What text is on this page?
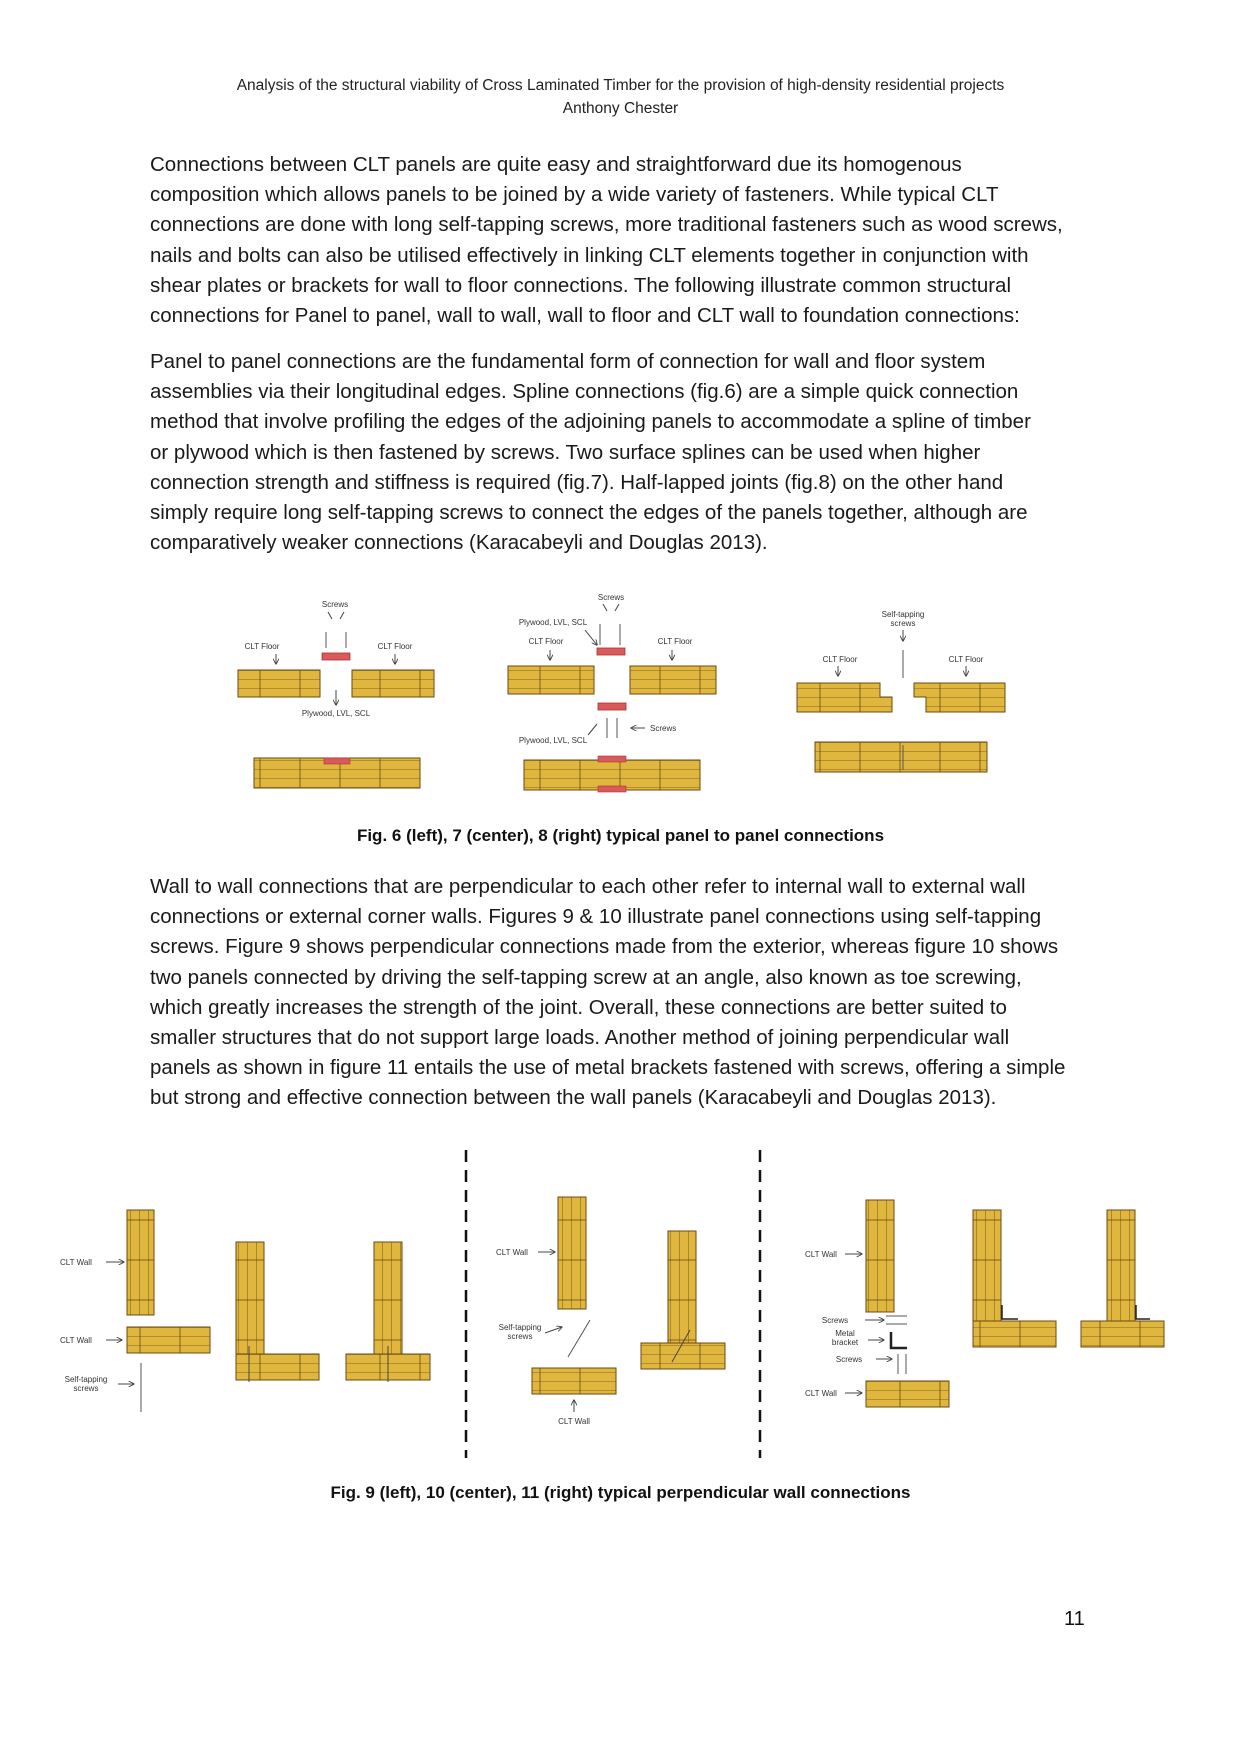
Analysis of the structural viability of Cross Laminated Timber for the provision of high-density residential projects
Anthony Chester
Connections between CLT panels are quite easy and straightforward due its homogenous
composition which allows panels to be joined by a wide variety of fasteners. While typical CLT
connections are done with long self-tapping screws, more traditional fasteners such as wood screws,
nails and bolts can also be utilised effectively in linking CLT elements together in conjunction with
shear plates or brackets for wall to floor connections. The following illustrate common structural
connections for Panel to panel, wall to wall, wall to floor and CLT wall to foundation connections:
Panel to panel connections are the fundamental form of connection for wall and floor system
assemblies via their longitudinal edges. Spline connections (fig.6) are a simple quick connection
method that involve profiling the edges of the adjoining panels to accommodate a spline of timber
or plywood which is then fastened by screws. Two surface splines can be used when higher
connection strength and stiffness is required (fig.7). Half-lapped joints (fig.8) on the other hand
simply require long self-tapping screws to connect the edges of the panels together, although are
comparatively weaker connections (Karacabeyli and Douglas 2013).
Screws
CLT Floor	CLT Floor
Plywood, LVL, SCL
Screws
Plywood, LVL, SCL
CLT Floor	CLT Floor
Screws
Plywood, LVL, SCL
Self-tapping
screws
CLT Floor	CLT Floor
Fig. 6 (left), 7 (center), 8 (right) typical panel to panel connections
Wall to wall connections that are perpendicular to each other refer to internal wall to external wall
connections or external corner walls. Figures 9 & 10 illustrate panel connections using self-tapping
screws. Figure 9 shows perpendicular connections made from the exterior, whereas figure 10 shows
two panels connected by driving the self-tapping screw at an angle, also known as toe screwing,
which greatly increases the strength of the joint. Overall, these connections are better suited to
smaller structures that do not support large loads. Another method of joining perpendicular wall
panels as shown in figure 11 entails the use of metal brackets fastened with screws, offering a simple
but strong and effective connection between the wall panels (Karacabeyli and Douglas 2013).
CLT Wall
CLT Wall
Self-tapping
screws
CLT Wall
Self-tapping
screws
CLT Wall
CLT Wall
Screws
Metal
bracket
Screws
CLT Wall
Fig. 9 (left), 10 (center), 11 (right) typical perpendicular wall connections
11
